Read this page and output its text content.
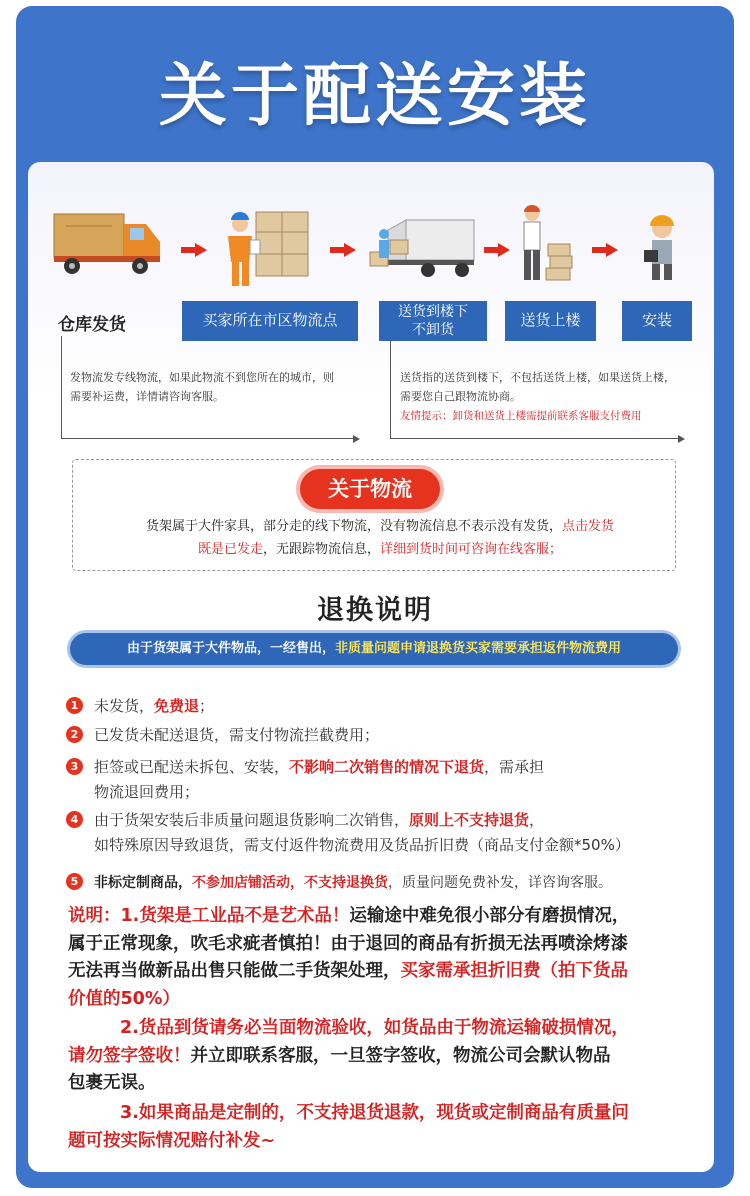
关于配送安装
仓库发货	买家所在市区物流点	送货到楼下
不卸货
送货上楼	安装
发物流发专线物流，如果此物流不到您所在的城市，则需要补运费，详情请咨询客服。
送货指的送货到楼下，不包括送货上楼，如果送货上楼，需要您自己跟物流协商。
友情提示：卸货和送货上楼需提前联系客服支付费用
关于物流
货架属于大件家具，部分走的线下物流，没有物流信息不表示没有发货，点击发货
既是已发走，无跟踪物流信息，详细到货时间可咨询在线客服；
退换说明
由于货架属于大件物品，一经售出，非质量问题申请退换货买家需要承担返件物流费用
1 未发货，免费退；
2 已发货未配送退货，需支付物流拦截费用；
3 拒签或已配送未拆包、安装，不影响二次销售的情况下退货，需承担
物流退回费用；
4 由于货架安装后非质量问题退货影响二次销售，原则上不支持退货，
如特殊原因导致退货，需支付返件物流费用及货品折旧费（商品支付金额*50%）
5 非标定制商品，不参加店铺活动，不支持退换货，质量问题免费补发，详咨询客服。
说明：1.货架是工业品不是艺术品！运输途中难免很小部分有磨损情况，
属于正常现象，吹毛求疵者慎拍！由于退回的商品有折损无法再喷涂烤漆
无法再当做新品出售只能做二手货架处理，买家需承担折旧费（拍下货品
价值的50%）
2.货品到货请务必当面物流验收，如货品由于物流运输破损情况，
请勿签字签收！并立即联系客服，一旦签字签收，物流公司会默认物品
包裹无误。
3.如果商品是定制的，不支持退货退款，现货或定制商品有质量问
题可按实际情况赔付补发~
